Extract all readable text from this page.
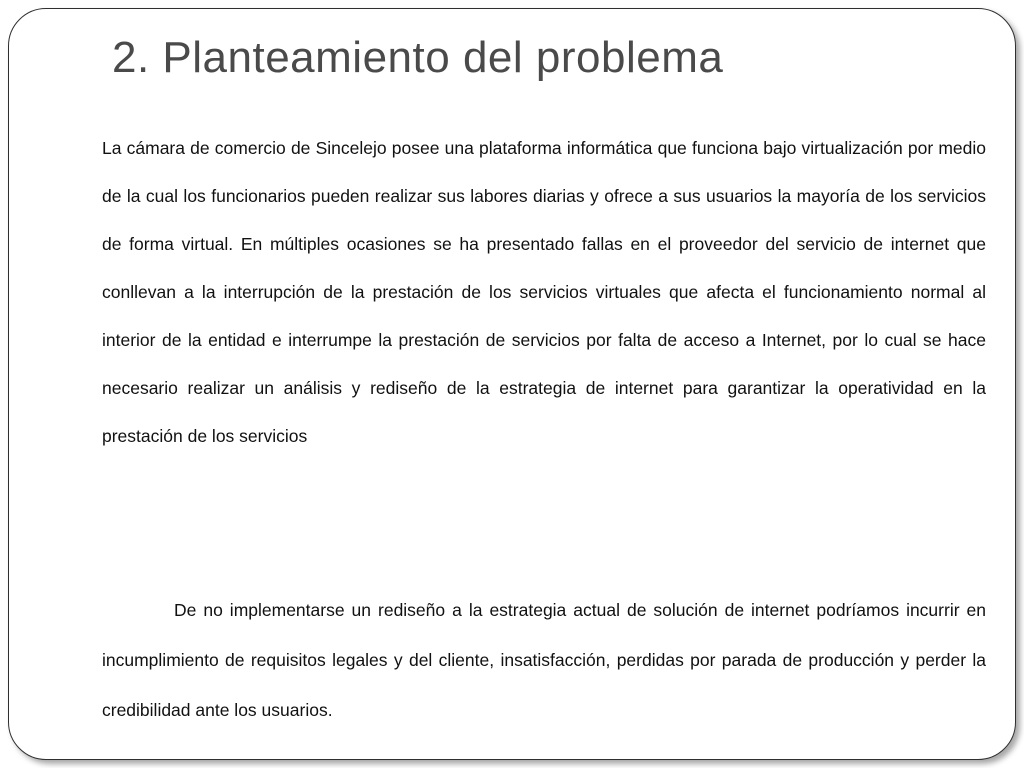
2. Planteamiento del problema

La cámara de comercio de Sincelejo posee una plataforma informática que funciona bajo virtualización por medio de la cual los funcionarios pueden realizar sus labores diarias y ofrece a sus usuarios la mayoría de los servicios de forma virtual. En múltiples ocasiones se ha presentado fallas en el proveedor del servicio de internet que conllevan a la interrupción de la prestación de los servicios virtuales que afecta el funcionamiento normal al interior de la entidad e interrumpe la prestación de servicios por falta de acceso a Internet, por lo cual se hace necesario realizar un análisis y rediseño de la estrategia de internet para garantizar la operatividad en la prestación de los servicios

De no implementarse un rediseño a la estrategia actual de solución de internet podríamos incurrir en incumplimiento de requisitos legales y del cliente, insatisfacción, perdidas por parada de producción y perder la credibilidad ante los usuarios.
